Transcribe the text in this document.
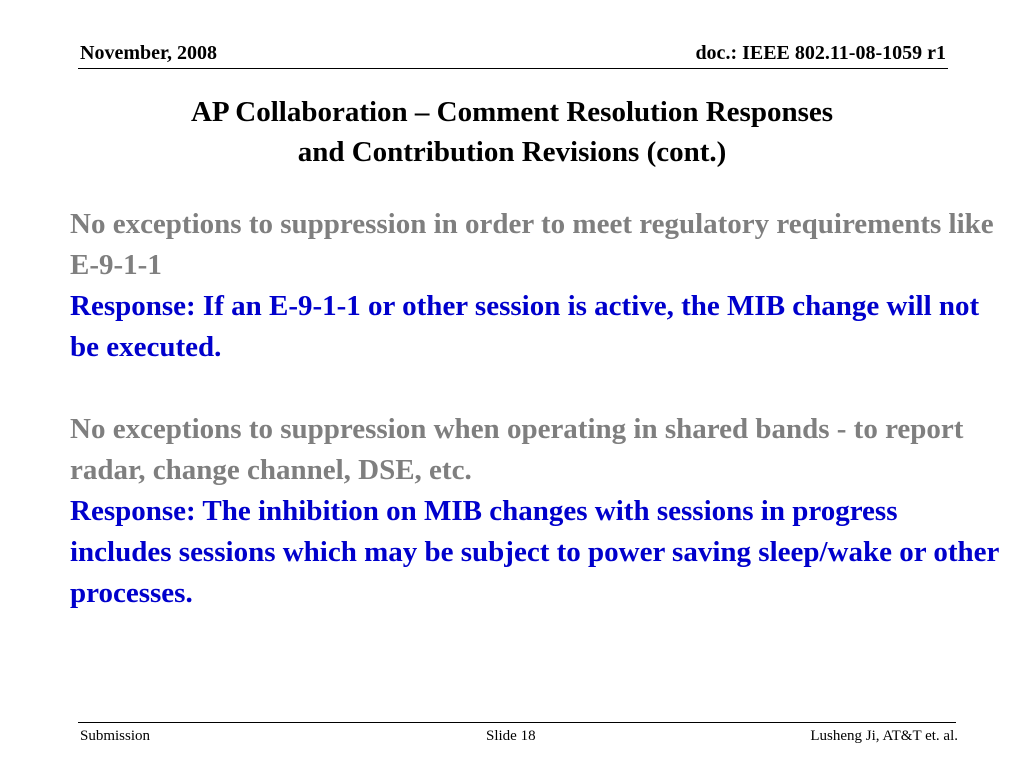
November, 2008	doc.: IEEE 802.11-08-1059 r1
AP Collaboration – Comment Resolution Responses
and Contribution Revisions (cont.)

No exceptions to suppression in order to meet regulatory requirements like E-9-1-1

Response: If an E-9-1-1 or other session is active, the MIB change will not be executed.

No exceptions to suppression when operating in shared bands - to report radar, change channel, DSE, etc.

Response: The inhibition on MIB changes with sessions in progress includes sessions which may be subject to power saving sleep/wake or other processes.

Submission	Slide 18	Lusheng Ji, AT&T et. al.
